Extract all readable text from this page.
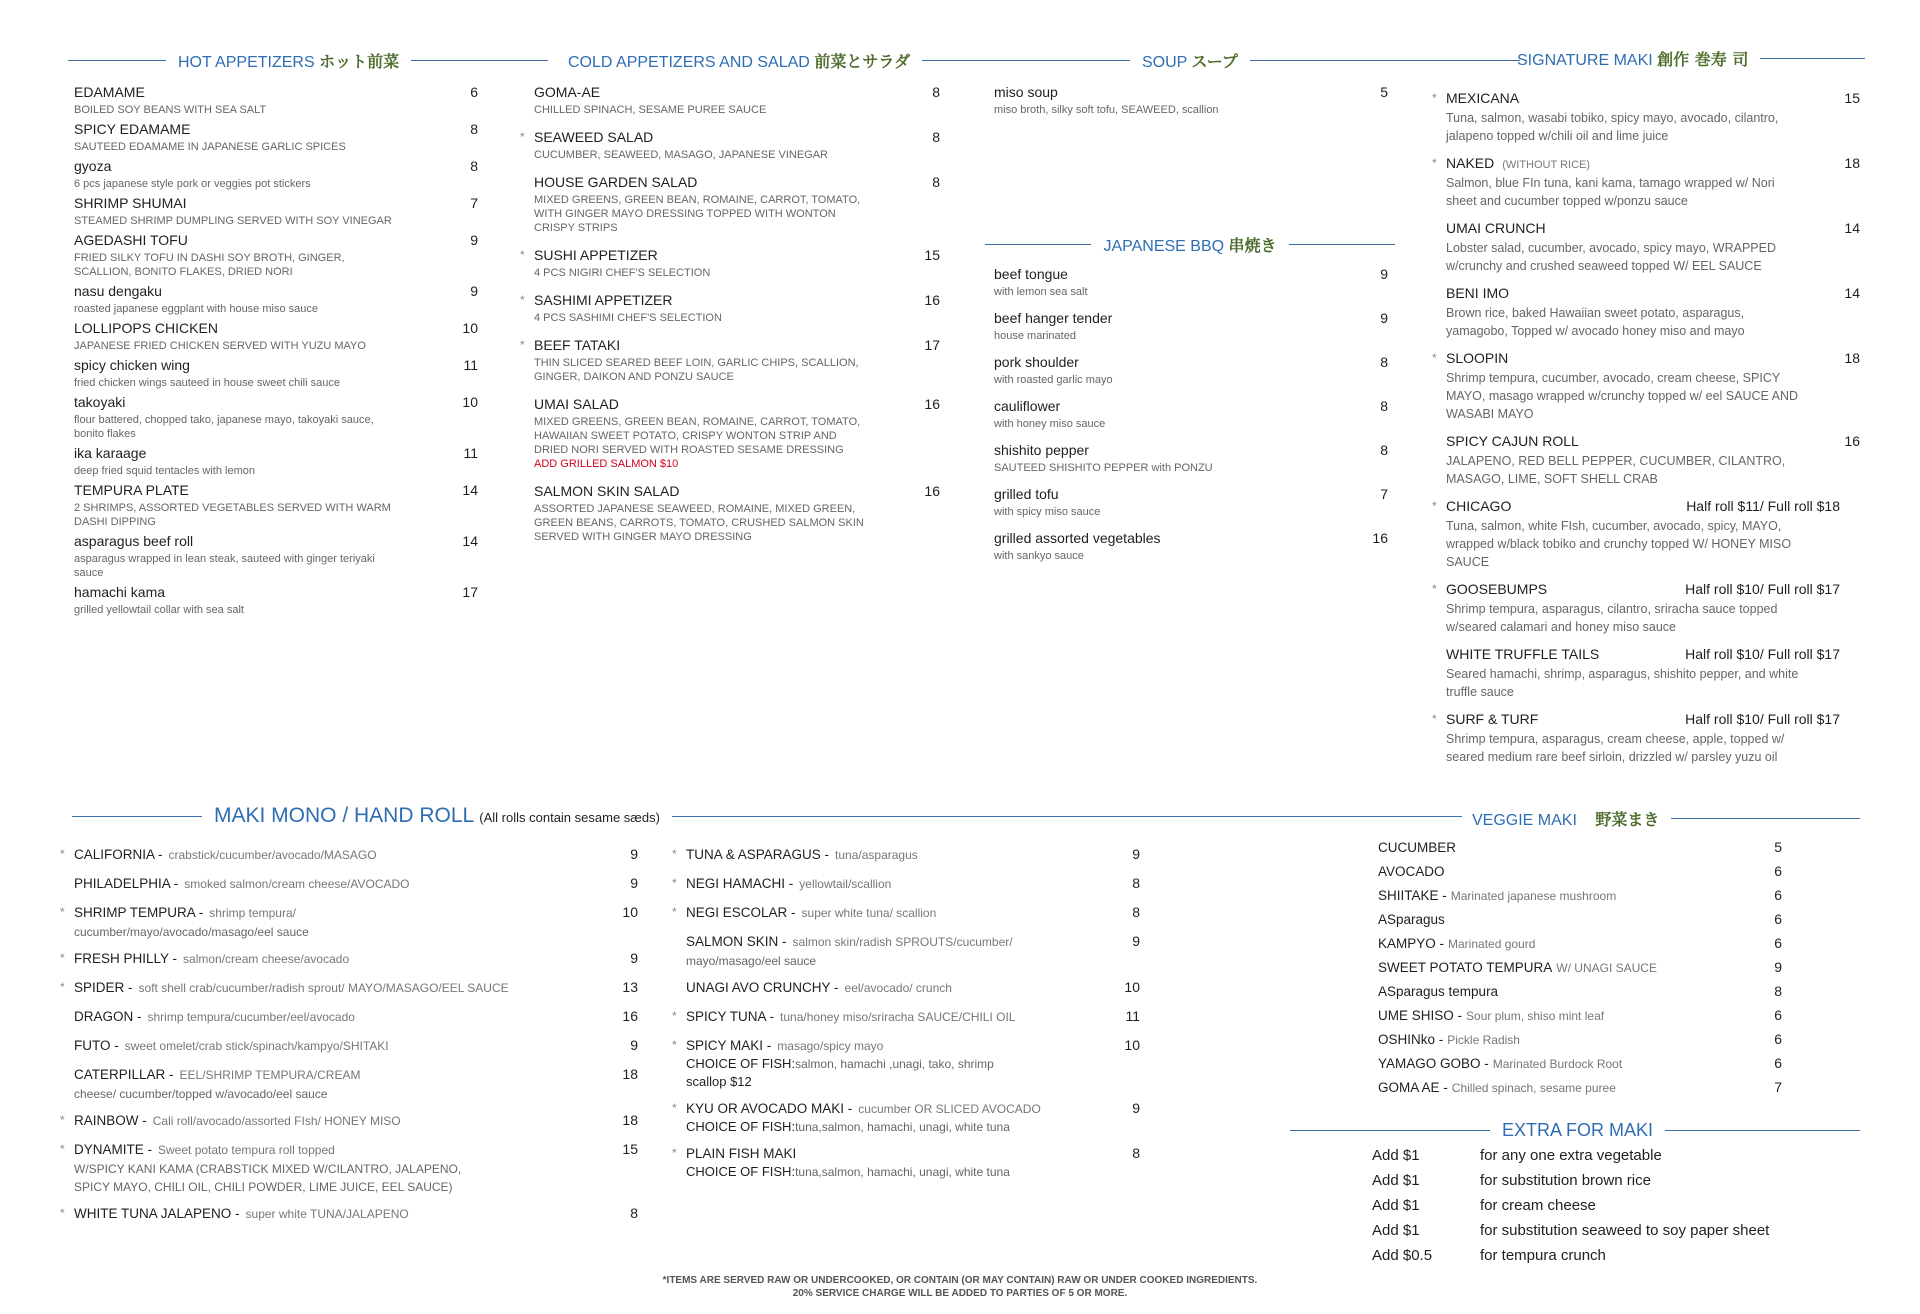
HOT APPETIZERS ホット前菜
EDAMAME	6
BOILED SOY BEANS WITH SEA SALT
SPICY EDAMAME	8
SAUTEED EDAMAME IN JAPANESE GARLIC SPICES
gyoza	8
6 pcs japanese style pork or veggies pot stickers
SHRIMP SHUMAI	7
STEAMED SHRIMP DUMPLING SERVED WITH SOY VINEGAR
AGEDASHI TOFU	9
FRIED SILKY TOFU IN DASHI SOY BROTH, GINGER, SCALLION, BONITO FLAKES, DRIED NORI
nasu dengaku	9
roasted japanese eggplant with house miso sauce
LOLLIPOPS CHICKEN	10
JAPANESE FRIED CHICKEN SERVED WITH YUZU MAYO
spicy chicken wing	11
fried chicken wings sauteed in house sweet chili sauce
takoyaki	10
flour battered, chopped tako, japanese mayo, takoyaki sauce, bonito flakes
ika karaage	11
deep fried squid tentacles with lemon
TEMPURA PLATE	14
2 SHRIMPS, ASSORTED VEGETABLES SERVED WITH WARM DASHI DIPPING
asparagus beef roll	14
asparagus wrapped in lean steak, sauteed with ginger teriyaki sauce
hamachi kama	17
grilled yellowtail collar with sea salt
COLD APPETIZERS AND SALAD 前菜とサラダ
GOMA-AE	8
CHILLED SPINACH, SESAME PUREE SAUCE
* SEAWEED SALAD	8
CUCUMBER, SEAWEED, MASAGO, JAPANESE VINEGAR
HOUSE GARDEN SALAD	8
MIXED GREENS, GREEN BEAN, ROMAINE, CARROT, TOMATO, WITH GINGER MAYO DRESSING TOPPED WITH WONTON CRISPY STRIPS
* SUSHI APPETIZER	15
4 PCS NIGIRI CHEF'S SELECTION
* SASHIMI APPETIZER	16
4 PCS SASHIMI CHEF'S SELECTION
* BEEF TATAKI	17
THIN SLICED SEARED BEEF LOIN, GARLIC CHIPS, SCALLION, GINGER, DAIKON AND PONZU SAUCE
UMAI SALAD	16
MIXED GREENS, GREEN BEAN, ROMAINE, CARROT, TOMATO, HAWAIIAN SWEET POTATO, CRISPY WONTON STRIP AND DRIED NORI SERVED WITH ROASTED SESAME DRESSING
ADD GRILLED SALMON $10
SALMON SKIN SALAD	16
ASSORTED JAPANESE SEAWEED, ROMAINE, MIXED GREEN, GREEN BEANS, CARROTS, TOMATO, CRUSHED SALMON SKIN SERVED WITH GINGER MAYO DRESSING
SOUP スープ
miso soup	5
miso broth, silky soft tofu, SEAWEED, scallion
JAPANESE BBQ 串焼き
beef tongue	9
with lemon sea salt
beef hanger tender	9
house marinated
pork shoulder	8
with roasted garlic mayo
cauliflower	8
with honey miso sauce
shishito pepper	8
SAUTEED SHISHITO PEPPER with PONZU
grilled tofu	7
with spicy miso sauce
grilled assorted vegetables	16
with sankyo sauce
SIGNATURE MAKI 創作 巻寿 司
* MEXICANA	15
Tuna, salmon, wasabi tobiko, spicy mayo, avocado, cilantro, jalapeno topped w/chili oil and lime juice
* NAKED (WITHOUT RICE)	18
Salmon, blue FIn tuna, kani kama, tamago wrapped w/ Nori sheet and cucumber topped w/ponzu sauce
UMAI CRUNCH	14
Lobster salad, cucumber, avocado, spicy mayo, WRAPPED w/crunchy and crushed seaweed topped W/ EEL SAUCE
BENI IMO	14
Brown rice, baked Hawaiian sweet potato, asparagus, yamagobo, Topped w/ avocado honey miso and mayo
* SLOOPIN	18
Shrimp tempura, cucumber, avocado, cream cheese, SPICY MAYO, masago wrapped w/crunchy topped w/ eel SAUCE AND WASABI MAYO
SPICY CAJUN ROLL	16
JALAPENO, RED BELL PEPPER, CUCUMBER, CILANTRO, MASAGO, LIME, SOFT SHELL CRAB
* CHICAGO	Half roll $11/ Full roll $18
Tuna, salmon, white FIsh, cucumber, avocado, spicy, MAYO, wrapped w/black tobiko and crunchy topped W/ HONEY MISO SAUCE
* GOOSEBUMPS	Half roll $10/ Full roll $17
Shrimp tempura, asparagus, cilantro, sriracha sauce topped w/seared calamari and honey miso sauce
WHITE TRUFFLE TAILS	Half roll $10/ Full roll $17
Seared hamachi, shrimp, asparagus, shishito pepper, and white truffle sauce
* SURF & TURF	Half roll $10/ Full roll $17
Shrimp tempura, asparagus, cream cheese, apple, topped w/ seared medium rare beef sirloin, drizzled w/ parsley yuzu oil
MAKI MONO / HAND ROLL (All rolls contain sesame sæds)
* CALIFORNIA - crabstick/cucumber/avocado/MASAGO	9
PHILADELPHIA - smoked salmon/cream cheese/AVOCADO	9
* SHRIMP TEMPURA - shrimp tempura/	10
cucumber/mayo/avocado/masago/eel sauce
* FRESH PHILLY - salmon/cream cheese/avocado	9
* SPIDER - soft shell crab/cucumber/radish sprout/ MAYO/MASAGO/EEL SAUCE	13
DRAGON - shrimp tempura/cucumber/eel/avocado	16
FUTO - sweet omelet/crab stick/spinach/kampyo/SHITAKI	9
CATERPILLAR - EEL/SHRIMP TEMPURA/CREAM	18
cheese/ cucumber/topped w/avocado/eel sauce
* RAINBOW - Cali roll/avocado/assorted FIsh/ HONEY MISO	18
* DYNAMITE - Sweet potato tempura roll topped	15
W/SPICY KANI KAMA (CRABSTICK MIXED W/CILANTRO, JALAPENO, SPICY MAYO, CHILI OIL, CHILI POWDER, LIME JUICE, EEL SAUCE)
* WHITE TUNA JALAPENO - super white TUNA/JALAPENO	8
* TUNA & ASPARAGUS - tuna/asparagus	9
* NEGI HAMACHI - yellowtail/scallion	8
* NEGI ESCOLAR - super white tuna/ scallion	8
SALMON SKIN - salmon skin/radish SPROUTS/cucumber/	9
mayo/masago/eel sauce
UNAGI AVO CRUNCHY - eel/avocado/ crunch	10
* SPICY TUNA - tuna/honey miso/sriracha SAUCE/CHILI OIL	11
* SPICY MAKI - masago/spicy mayo	10
CHOICE OF FISH:salmon, hamachi ,unagi, tako, shrimp
scallop $12
* KYU OR AVOCADO MAKI - cucumber OR SLICED AVOCADO	9
CHOICE OF FISH:tuna,salmon, hamachi, unagi, white tuna
* PLAIN FISH MAKI	8
CHOICE OF FISH:tuna,salmon, hamachi, unagi, white tuna
VEGGIE MAKI 野菜まき
CUCUMBER	5
AVOCADO	6
SHIITAKE - Marinated japanese mushroom	6
ASparagus	6
KAMPYO - Marinated gourd	6
SWEET POTATO TEMPURA W/ UNAGI SAUCE	9
ASparagus tempura	8
UME SHISO - Sour plum, shiso mint leaf	6
OSHINko - Pickle Radish	6
YAMAGO GOBO - Marinated Burdock Root	6
GOMA AE - Chilled spinach, sesame puree	7
EXTRA FOR MAKI
Add $1	for any one extra vegetable
Add $1	for substitution brown rice
Add $1	for cream cheese
Add $1	for substitution seaweed to soy paper sheet
Add $0.5	for tempura crunch
*ITEMS ARE SERVED RAW OR UNDERCOOKED, OR CONTAIN (OR MAY CONTAIN) RAW OR UNDER COOKED INGREDIENTS.
20% SERVICE CHARGE WILL BE ADDED TO PARTIES OF 5 OR MORE.
